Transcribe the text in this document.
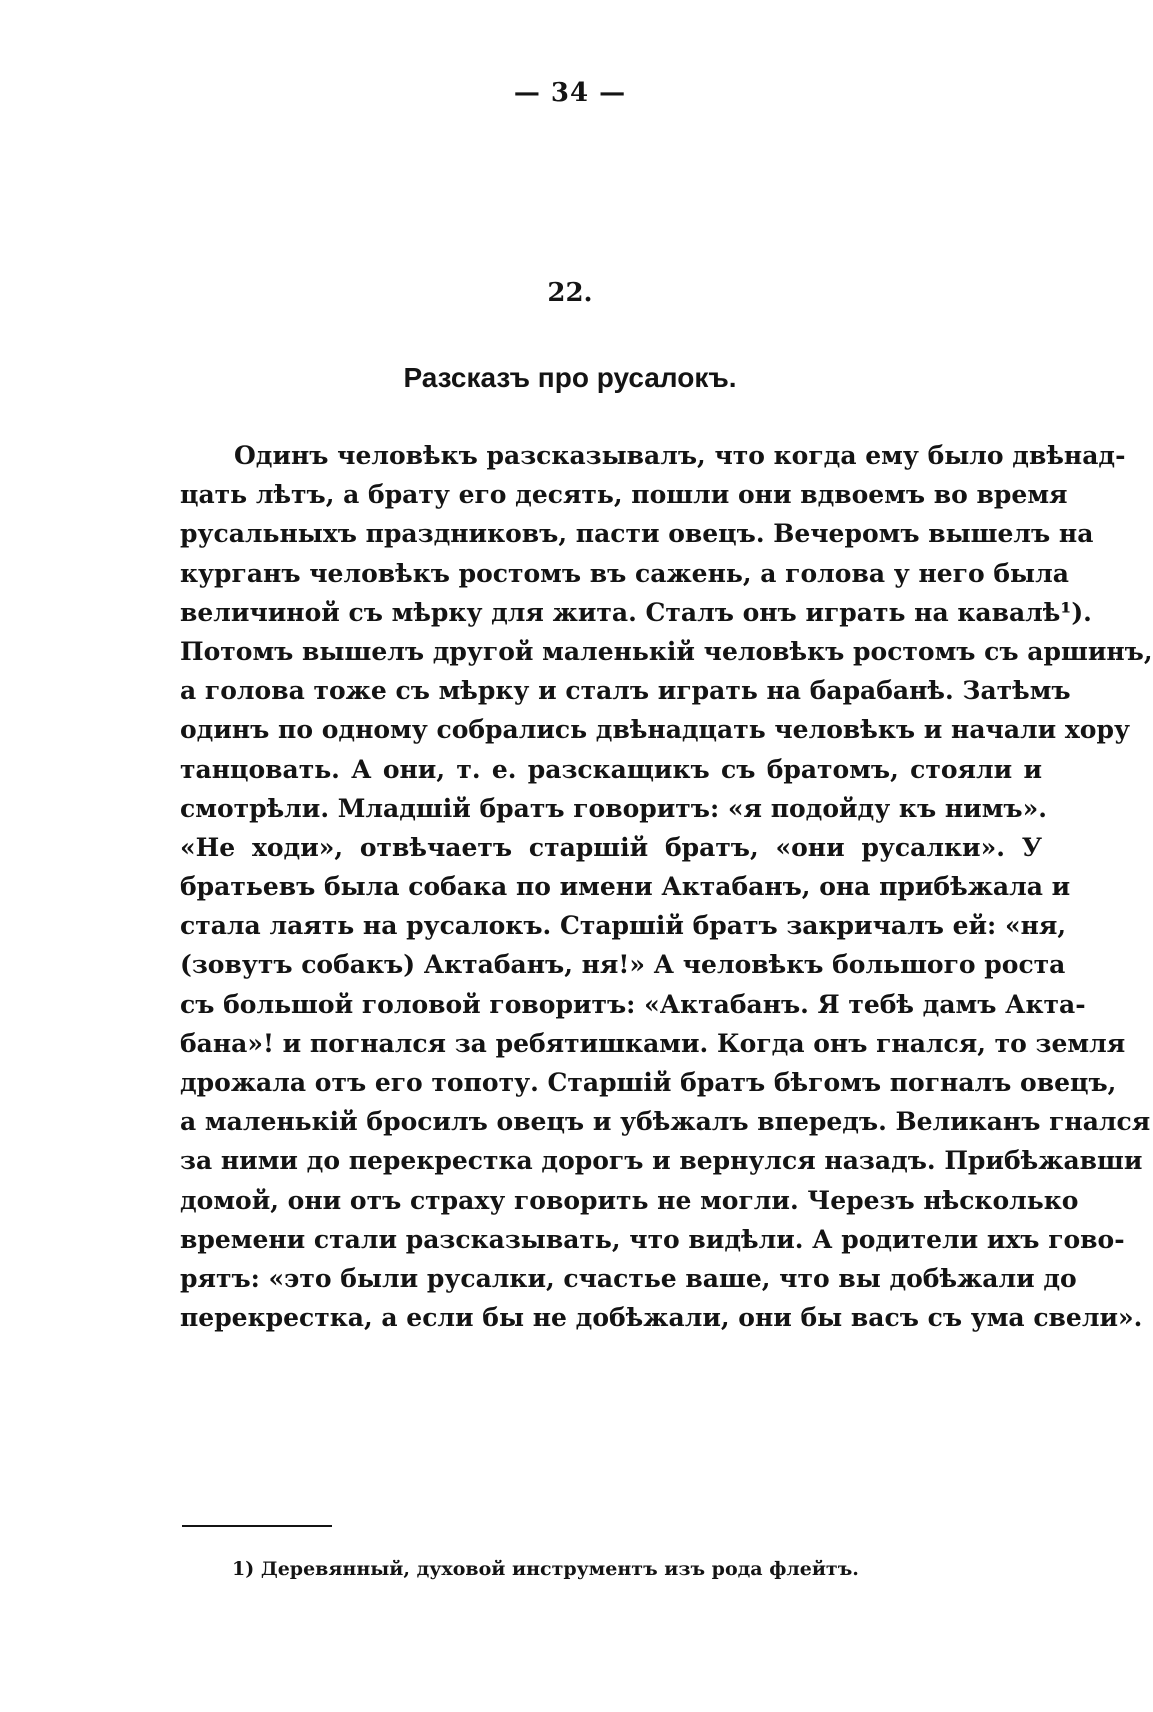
— 34 —
22.
Разсказъ про русалокъ.
Одинъ человѣкъ разсказывалъ, что когда ему было двѣнад-
цать лѣтъ, а брату его десять, пошли они вдвоемъ во время
русальныхъ праздниковъ, пасти овецъ. Вечеромъ вышелъ на
курганъ человѣкъ ростомъ въ сажень, а голова у него была
величиной съ мѣрку для жита. Сталъ онъ играть на кавалѣ¹).
Потомъ вышелъ другой маленькій человѣкъ ростомъ съ аршинъ,
а голова тоже съ мѣрку и сталъ играть на барабанѣ. Затѣмъ
одинъ по одному собрались двѣнадцать человѣкъ и начали хору
танцовать. А они, т. е. разскащикъ съ братомъ, стояли и
смотрѣли. Младшій братъ говоритъ: «я подойду къ нимъ».
«Не ходи», отвѣчаетъ старшій братъ, «они русалки». У
братьевъ была собака по имени Актабанъ, она прибѣжала и
стала лаять на русалокъ. Старшій братъ закричалъ ей: «ня,
(зовутъ собакъ) Актабанъ, ня!» А человѣкъ большого роста
съ большой головой говоритъ: «Актабанъ. Я тебѣ дамъ Акта-
бана»! и погнался за ребятишками. Когда онъ гнался, то земля
дрожала отъ его топоту. Старшій братъ бѣгомъ погналъ овецъ,
а маленькій бросилъ овецъ и убѣжалъ впередъ. Великанъ гнался
за ними до перекрестка дорогъ и вернулся назадъ. Прибѣжавши
домой, они отъ страху говорить не могли. Черезъ нѣсколько
времени стали разсказывать, что видѣли. А родители ихъ гово-
рятъ: «это были русалки, счастье ваше, что вы добѣжали до
перекрестка, а если бы не добѣжали, они бы васъ съ ума свели».
1) Деревянный, духовой инструментъ изъ рода флейтъ.
